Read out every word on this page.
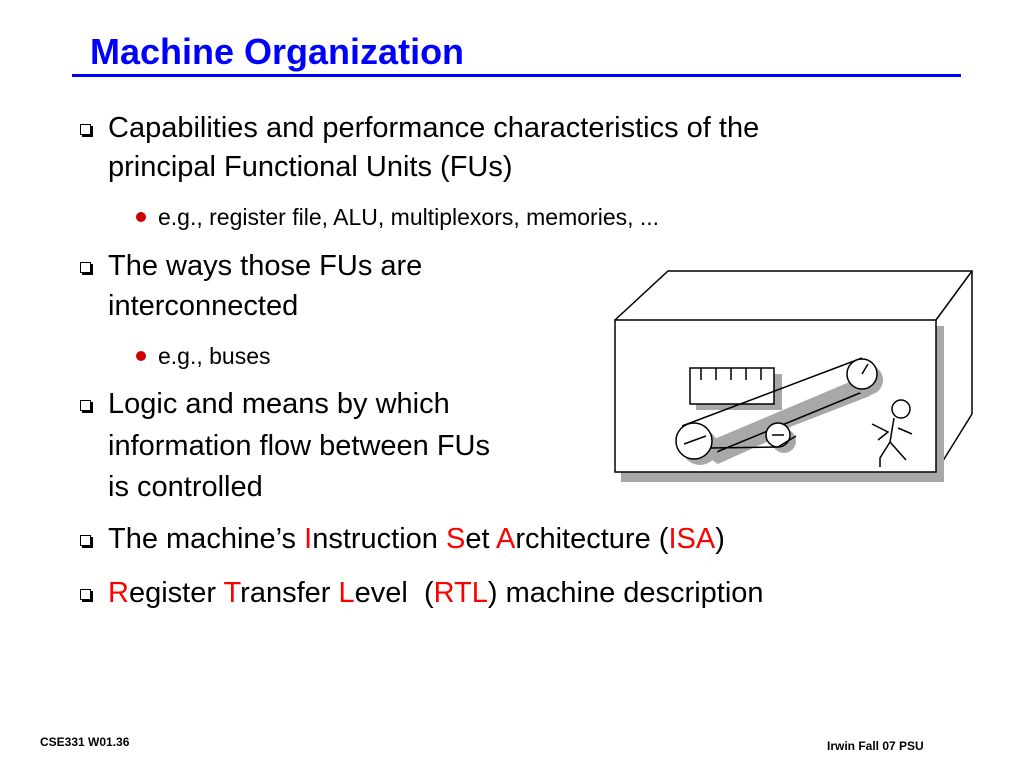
Machine Organization
Capabilities and performance characteristics of the
principal Functional Units (FUs)
e.g., register file, ALU, multiplexors, memories, ...
The ways those FUs are
interconnected
e.g., buses
Logic and means by which
information flow between FUs
is controlled
The machine’s Instruction Set Architecture (ISA)
Register Transfer Level  (RTL) machine description
CSE331 W01.36	Irwin Fall 07 PSU
